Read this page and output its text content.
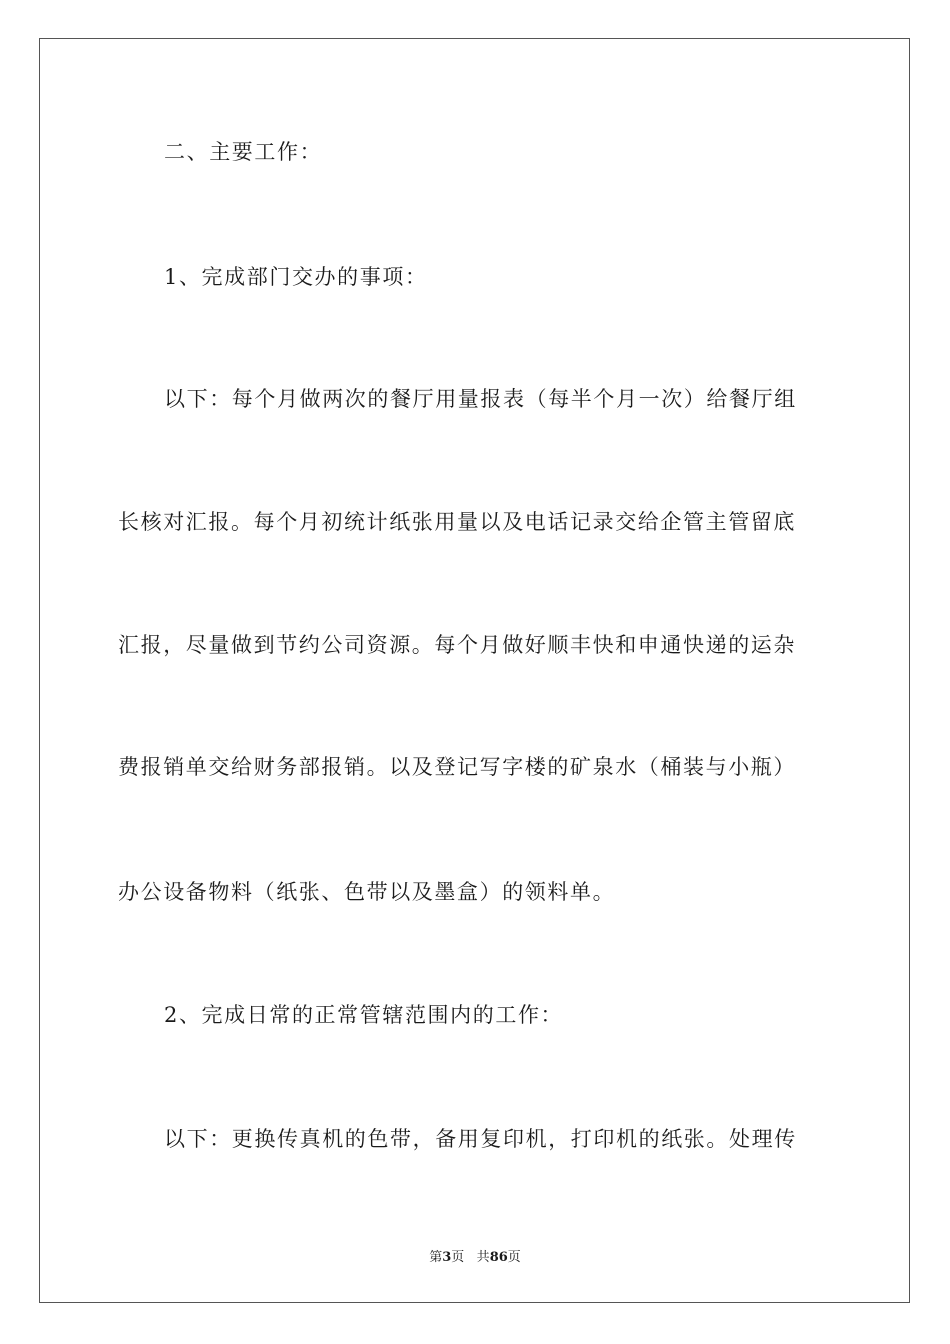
二、主要工作：
1、完成部门交办的事项：
以下：每个月做两次的餐厅用量报表（每半个月一次）给餐厅组
长核对汇报。每个月初统计纸张用量以及电话记录交给企管主管留底
汇报，尽量做到节约公司资源。每个月做好顺丰快和申通快递的运杂
费报销单交给财务部报销。以及登记写字楼的矿泉水（桶装与小瓶）
办公设备物料（纸张、色带以及墨盒）的领料单。
2、完成日常的正常管辖范围内的工作：
以下：更换传真机的色带，备用复印机，打印机的纸张。处理传
第3页 共86页
